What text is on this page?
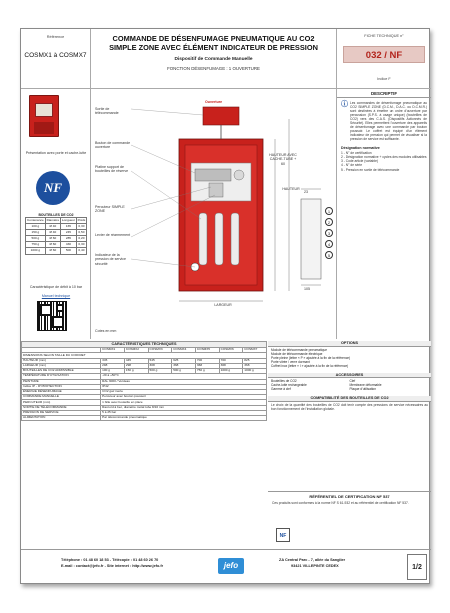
Référence
COSMX1 à COSMX7
COMMANDE DE DÉSENFUMAGE PNEUMATIQUE AU CO2
SIMPLE ZONE AVEC ÉLÉMENT INDICATEUR DE PRESSION
Dispositif de Commande Manuelle
FONCTION DÉSENFUMAGE : 1 OUVERTURE
FICHE TECHNIQUE n°
032 / NF
Indice F
Présentation avec porte et cache-lutte
NF
BOUTEILLES DE CO2
Contenance	Diamètre	Longueur	Poids
100 g	Ø 40	165	0,30
150 g	Ø 40	245	0,50
500 g	Ø 60	285	0,20
750 g	Ø 60	430	0,30
1000 g	Ø 60	500	0,40
Caractéristique de débit à 10 bar
Manuel technique
Ouverture
Sortie de télécommande
Bouton de commande ouverture
Platine support de bouteilles de réserve
Percuteur SIMPLE ZONE
Levier de réarmement
Indicateur de la pression de service sécurité
Cotes en mm
HAUTEUR AVEC CACHE-TUBE + 60
HAUTEUR
LARGEUR
23
105
1
2
3
4
5
DESCRIPTIF
ⓘ Les commandes de désenfumage pneumatique au CO2 SIMPLE ZONE (D.C.M., D.A.C. ou D.C.M.R.) sont destinées à émettre un ordre d'ouverture par percussion (S.P.S. à usage unique) (bouteilles de CO2) vers des C.A.S. (Dispositifs Actionnés de Sécurité). Elles permettent l'ouverture des appareils de désenfumage avec une commande par bouton poussoir. Le coffret est équipé d'un élément indicateur de pression qui permet de visualiser si la pression de service est suffisante.
Désignation normative
1 - N° de certification
2 - Désignation normative + cycles des modules utilisables
3 - Code article (variable)
4 - N° de série
5 - Pression en sortie de télécommande
CARACTÉRISTIQUES TECHNIQUES							
	COSMX1	COSMX2	COSMX3	COSMX4	COSMX5	COSMX6	COSMX7
DIMENSIONS SELON TAILLE DU COFFRET							
HAUTEUR (mm)	345	445	545	625	700	700	825
LARGEUR (mm)	298	298	308	368	368	368	368
BOUTEILLES DE CO2 ADMISSIBLE	100 g	150 g	500 g	500 g	750 g	1000 g	1000 g
TEMPÉRATURE D'UTILISATION	-20 à +50°C						
PEINTURE	RAL 3000 / Verdeau						
Indice IP - IP PROTECTION	IP42						
ÉNERGIE DÉSENFUMAGE	CO2 gaz inerte						
COMMANDE MANUELLE	Percuteur avec bouton poussoir						
PERCUTEUR (mm)	1 bille avec bouteille en place						
SORTIE DE TÉLÉCOMMANDE	Raccord à bec, diamètre métal tube 8/10 mm						
PRESSION DE SERVICE	5 à 25 bar						
ALIMENTATION	Par télécommande pneumatique						
OPTIONS
Module de télécommande pneumatique
Module de télécommande électrique
Porte pleine (lettre « P » ajoutée à la fin de la référence)
Porte vitrée / verre dormant
Coffret inox (lettre « I » ajoutée à la fin de la référence)
ACCESSOIRES
Bouteilles de CO2	Clef
Cache-lutte rechargeable	Membrane déformable
Gamme à clef	Plaque d'utilisation
COMPATIBILITÉ DES BOUTEILLES DE CO2
Le choix de la quantité des bouteilles de CO2 doit tenir compte des pressions de service nécessaires au bon fonctionnement de l'installation globale.
RÉFÉRENTIEL DE CERTIFICATION NF 537
Ces produits sont conformes à la norme NF S 61-932 et au référentiel de certification NF 537.
NF
Téléphone : 01 48 60 18 53 - Télécopie : 01 48 60 26 70
E-mail : contact@jefo.fr - Site internet : http://www.jefo.fr	jefo
ZA Central Parc - 7, allée du Sanglier
93421 VILLEPINTE CEDEX	1/2
